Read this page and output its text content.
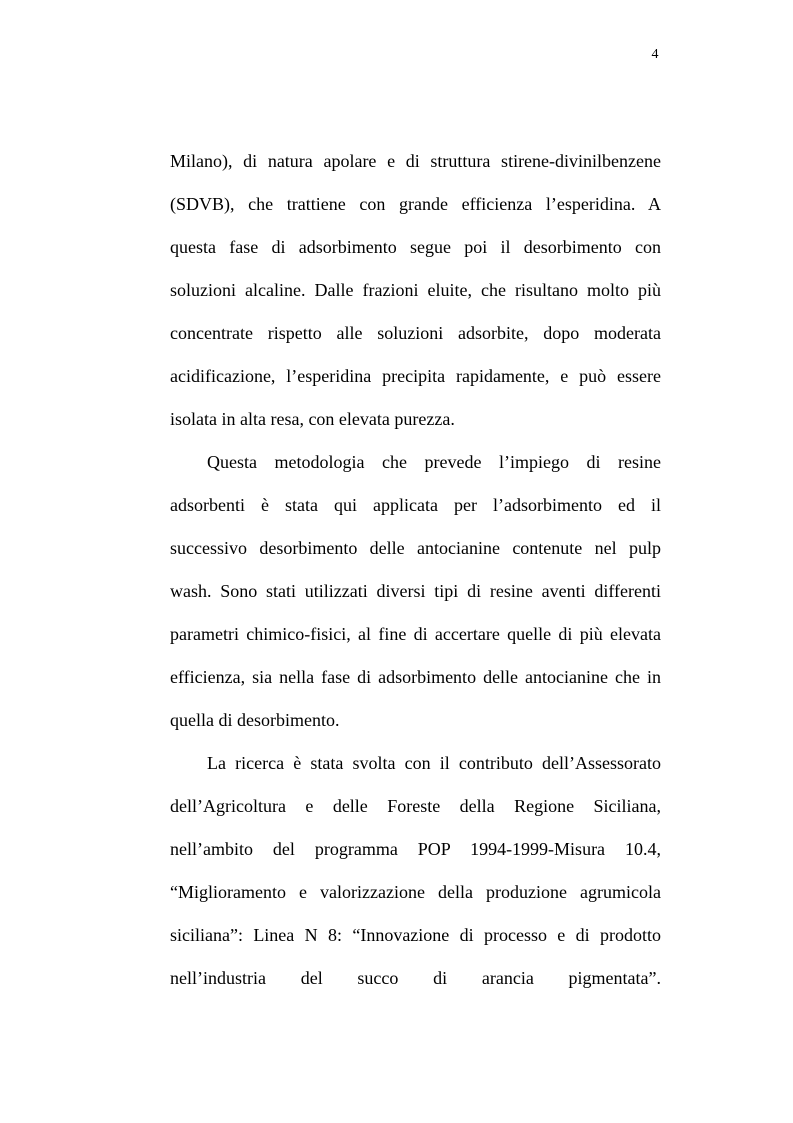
4
Milano), di natura apolare e di struttura stirene-divinilbenzene
(SDVB), che trattiene con grande efficienza l’esperidina. A
questa fase di adsorbimento segue poi il desorbimento con
soluzioni alcaline. Dalle frazioni eluite, che risultano molto più
concentrate rispetto alle soluzioni adsorbite, dopo moderata
acidificazione, l’esperidina precipita rapidamente, e può essere
isolata in alta resa, con elevata purezza.
Questa metodologia che prevede l’impiego di resine
adsorbenti è stata qui applicata per l’adsorbimento ed il
successivo desorbimento delle antocianine contenute nel pulp
wash. Sono stati utilizzati diversi tipi di resine aventi differenti
parametri chimico-fisici, al fine di accertare quelle di più elevata
efficienza, sia nella fase di adsorbimento delle antocianine che in
quella di desorbimento.
La ricerca è stata svolta con il contributo dell’Assessorato
dell’Agricoltura e delle Foreste della Regione Siciliana,
nell’ambito del programma POP 1994-1999-Misura 10.4,
“Miglioramento e valorizzazione della produzione agrumicola
siciliana”: Linea N 8: “Innovazione di processo e di prodotto
nell’industria del succo di arancia pigmentata”.
